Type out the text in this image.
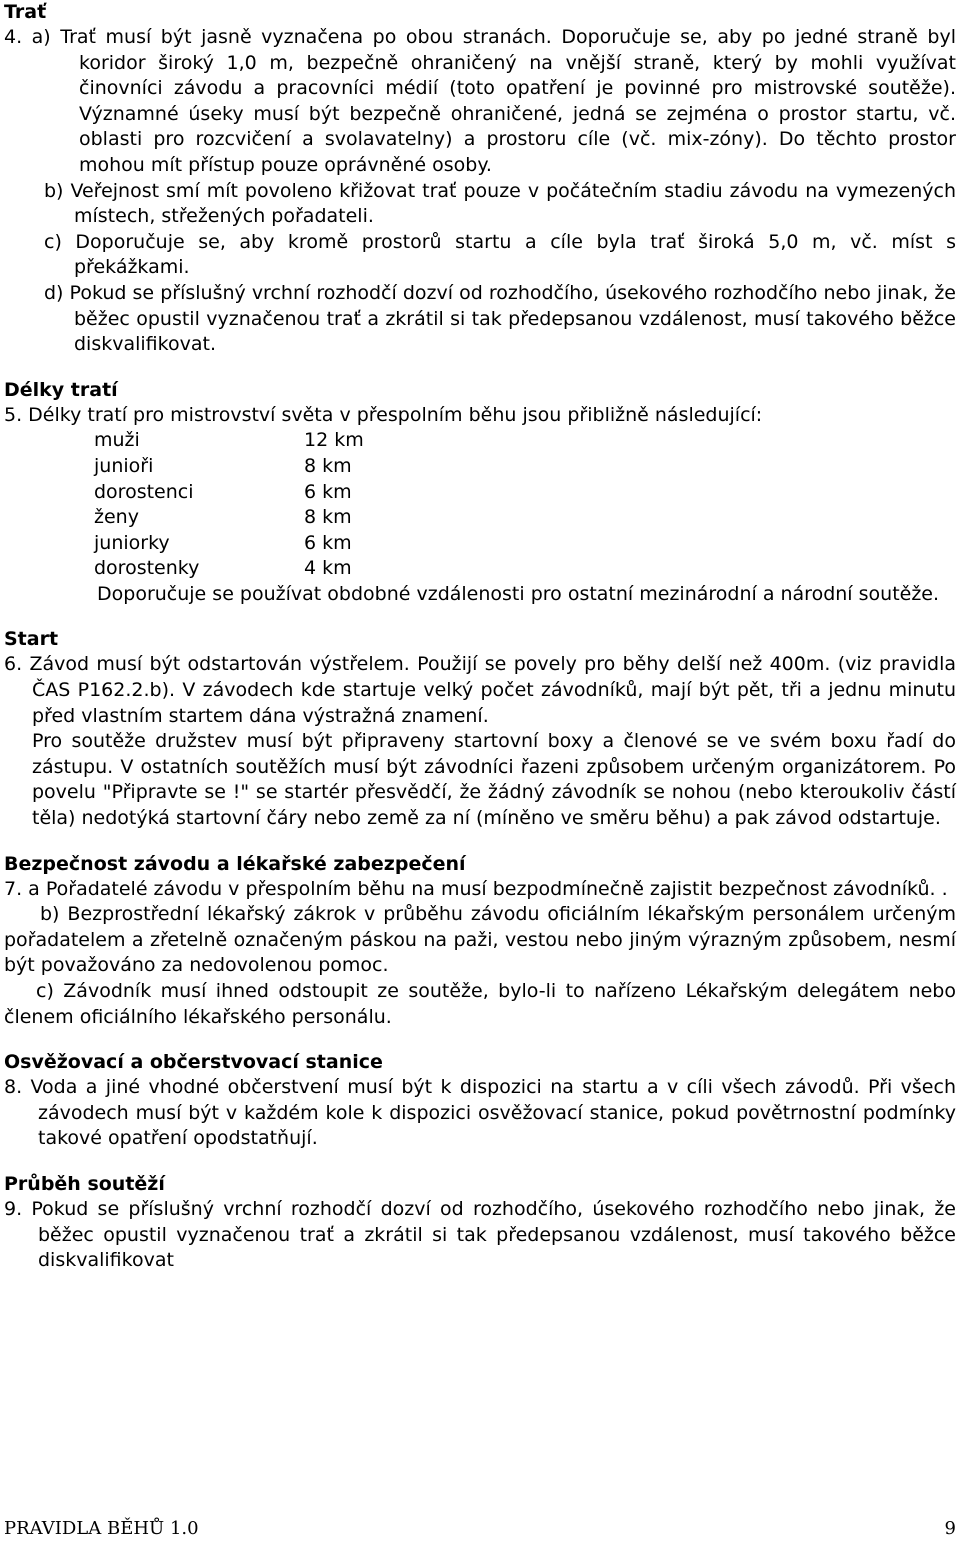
Trať

4. a) Trať musí být jasně vyznačena po obou stranách. Doporučuje se, aby po jedné straně byl koridor široký 1,0 m, bezpečně ohraničený na vnější straně, který by mohli využívat činovníci závodu a pracovníci médií (toto opatření je povinné pro mistrovské soutěže). Významné úseky musí být bezpečně ohraničené, jedná se zejména o prostor startu, vč. oblasti pro rozcvičení a svolavatelny) a prostoru cíle (vč. mix-zóny). Do těchto prostor mohou mít přístup pouze oprávněné osoby.

b) Veřejnost smí mít povoleno křižovat trať pouze v počátečním stadiu závodu na vymezených místech, střežených pořadateli.

c) Doporučuje se, aby kromě prostorů startu a cíle byla trať široká 5,0 m, vč. míst s překážkami.

d) Pokud se příslušný vrchní rozhodčí dozví od rozhodčího, úsekového rozhodčího nebo jinak, že běžec opustil vyznačenou trať a zkrátil si tak předepsanou vzdálenost, musí takového běžce diskvalifikovat.

Délky tratí

5. Délky tratí pro mistrovství světa v přespolním běhu jsou přibližně následující:

muži	12 km
junioři	8 km
dorostenci	6 km
ženy	8 km
juniorky	6 km
dorostenky	4 km

Doporučuje se používat obdobné vzdálenosti pro ostatní mezinárodní a národní soutěže.

Start

6. Závod musí být odstartován výstřelem. Použijí se povely pro běhy delší než 400m. (viz pravidla ČAS P162.2.b). V závodech kde startuje velký počet závodníků, mají být pět, tři a jednu minutu před vlastním startem dána výstražná znamení.

Pro soutěže družstev musí být připraveny startovní boxy a členové se ve svém boxu řadí do zástupu. V ostatních soutěžích musí být závodníci řazeni způsobem určeným organizátorem. Po povelu "Připravte se !" se startér přesvědčí, že žádný závodník se nohou (nebo kteroukoliv částí těla) nedotýká startovní čáry nebo země za ní (míněno ve směru běhu) a pak závod odstartuje.

Bezpečnost závodu a lékařské zabezpečení

7. a Pořadatelé závodu v přespolním běhu na musí bezpodmínečně zajistit bezpečnost závodníků. .

b) Bezprostřední lékařský zákrok v průběhu závodu oficiálním lékařským personálem určeným pořadatelem a zřetelně označeným páskou na paži, vestou nebo jiným výrazným způsobem, nesmí být považováno za nedovolenou pomoc.

c) Závodník musí ihned odstoupit ze soutěže, bylo-li to nařízeno Lékařským delegátem nebo členem oficiálního lékařského personálu.

Osvěžovací a občerstvovací stanice

8. Voda a jiné vhodné občerstvení musí být k dispozici na startu a v cíli všech závodů. Při všech závodech musí být v každém kole k dispozici osvěžovací stanice, pokud povětrnostní podmínky takové opatření opodstatňují.

Průběh soutěží

9. Pokud se příslušný vrchní rozhodčí dozví od rozhodčího, úsekového rozhodčího nebo jinak, že běžec opustil vyznačenou trať a zkrátil si tak předepsanou vzdálenost, musí takového běžce diskvalifikovat

PRAVIDLA BĚHŮ 1.0	9
